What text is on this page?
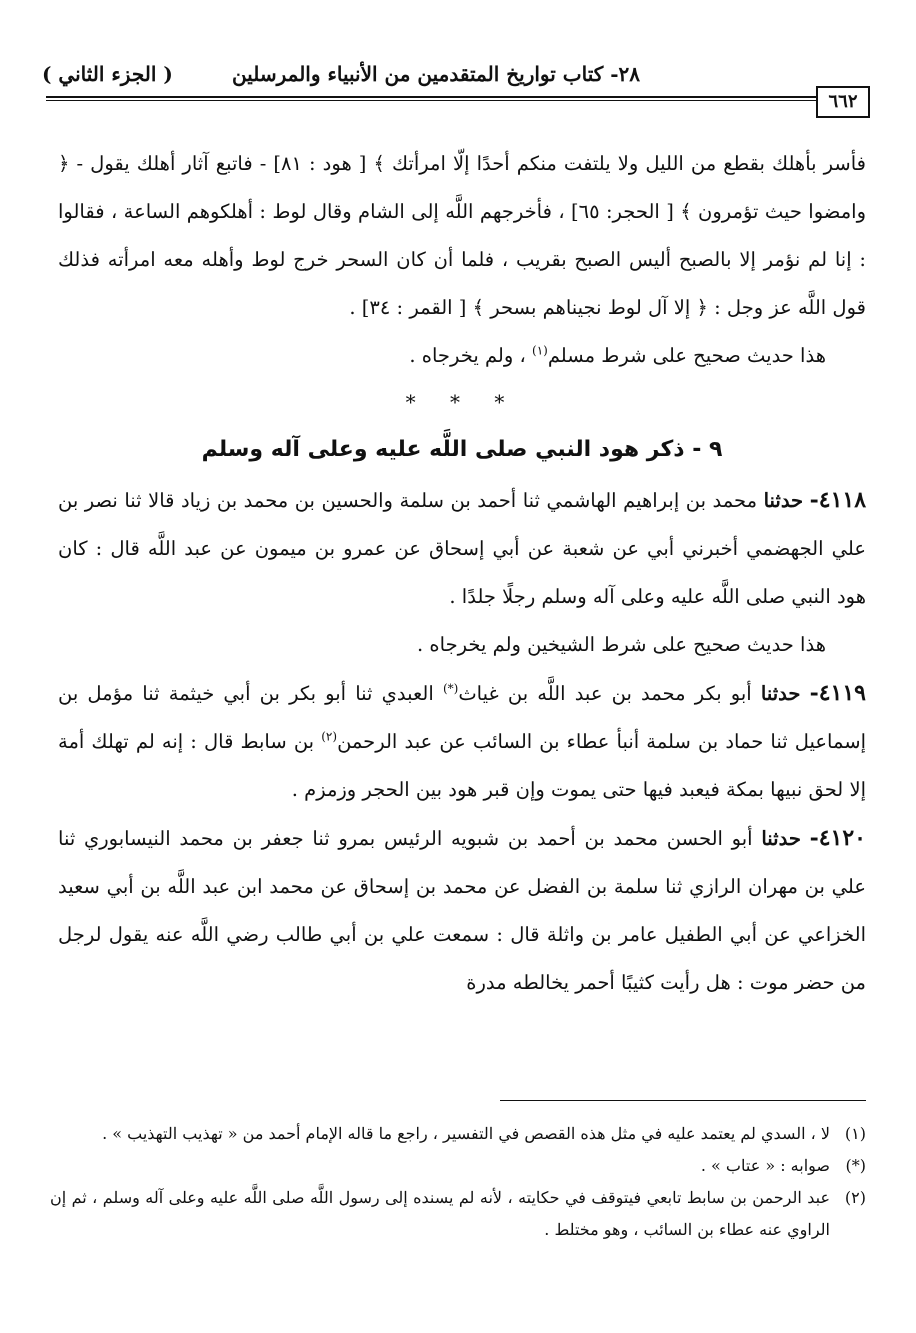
٢٨- كتاب تواريخ المتقدمين من الأنبياء والمرسلين
( الجزء الثاني )
٦٦٢

فأسر بأهلك بقطع من الليل ولا يلتفت منكم أحدًا إلّا امرأتك ﴾ [ هود : ٨١] - فاتبع آثار أهلك يقول - ﴿ وامضوا حيث تؤمرون ﴾ [ الحجر: ٦٥] ، فأخرجهم اللَّه إلى الشام وقال لوط : أهلكوهم الساعة ، فقالوا : إنا لم نؤمر إلا بالصبح أليس الصبح بقريب ، فلما أن كان السحر خرج لوط وأهله معه امرأته فذلك قول اللَّه عز وجل : ﴿ إلا آل لوط نجيناهم بسحر ﴾ [ القمر : ٣٤] .

هذا حديث صحيح على شرط مسلم$^{(١)}$ ، ولم يخرجاه .

* * *

٩ - ذكر هود النبي صلى اللَّه عليه وعلى آله وسلم

٤١١٨- حدثنا محمد بن إبراهيم الهاشمي ثنا أحمد بن سلمة والحسين بن محمد بن زياد قالا ثنا نصر بن علي الجهضمي أخبرني أبي عن شعبة عن أبي إسحاق عن عمرو بن ميمون عن عبد اللَّه قال : كان هود النبي صلى اللَّه عليه وعلى آله وسلم رجلًا جلدًا .

هذا حديث صحيح على شرط الشيخين ولم يخرجاه .

٤١١٩- حدثنا أبو بكر محمد بن عبد اللَّه بن غياث(*) العبدي ثنا أبو بكر بن أبي خيثمة ثنا مؤمل بن إسماعيل ثنا حماد بن سلمة أنبأ عطاء بن السائب عن عبد الرحمن$^{(٢)}$ بن سابط قال : إنه لم تهلك أمة إلا لحق نبيها بمكة فيعبد فيها حتى يموت وإن قبر هود بين الحجر وزمزم .

٤١٢٠- حدثنا أبو الحسن محمد بن أحمد بن شبويه الرئيس بمرو ثنا جعفر بن محمد النيسابوري ثنا علي بن مهران الرازي ثنا سلمة بن الفضل عن محمد بن إسحاق عن محمد ابن عبد اللَّه بن أبي سعيد الخزاعي عن أبي الطفيل عامر بن واثلة قال : سمعت علي بن أبي طالب رضي اللَّه عنه يقول لرجل من حضر موت : هل رأيت كثيبًا أحمر يخالطه مدرة

(١)
لا ، السدي لم يعتمد عليه في مثل هذه القصص في التفسير ، راجع ما قاله الإمام أحمد من « تهذيب التهذيب » .

(*)
صوابه : « عتاب » .

(٢)
عبد الرحمن بن سابط تابعي فيتوقف في حكايته ، لأنه لم يسنده إلى رسول اللَّه صلى اللَّه عليه وعلى آله وسلم ، ثم إن الراوي عنه عطاء بن السائب ، وهو مختلط .
